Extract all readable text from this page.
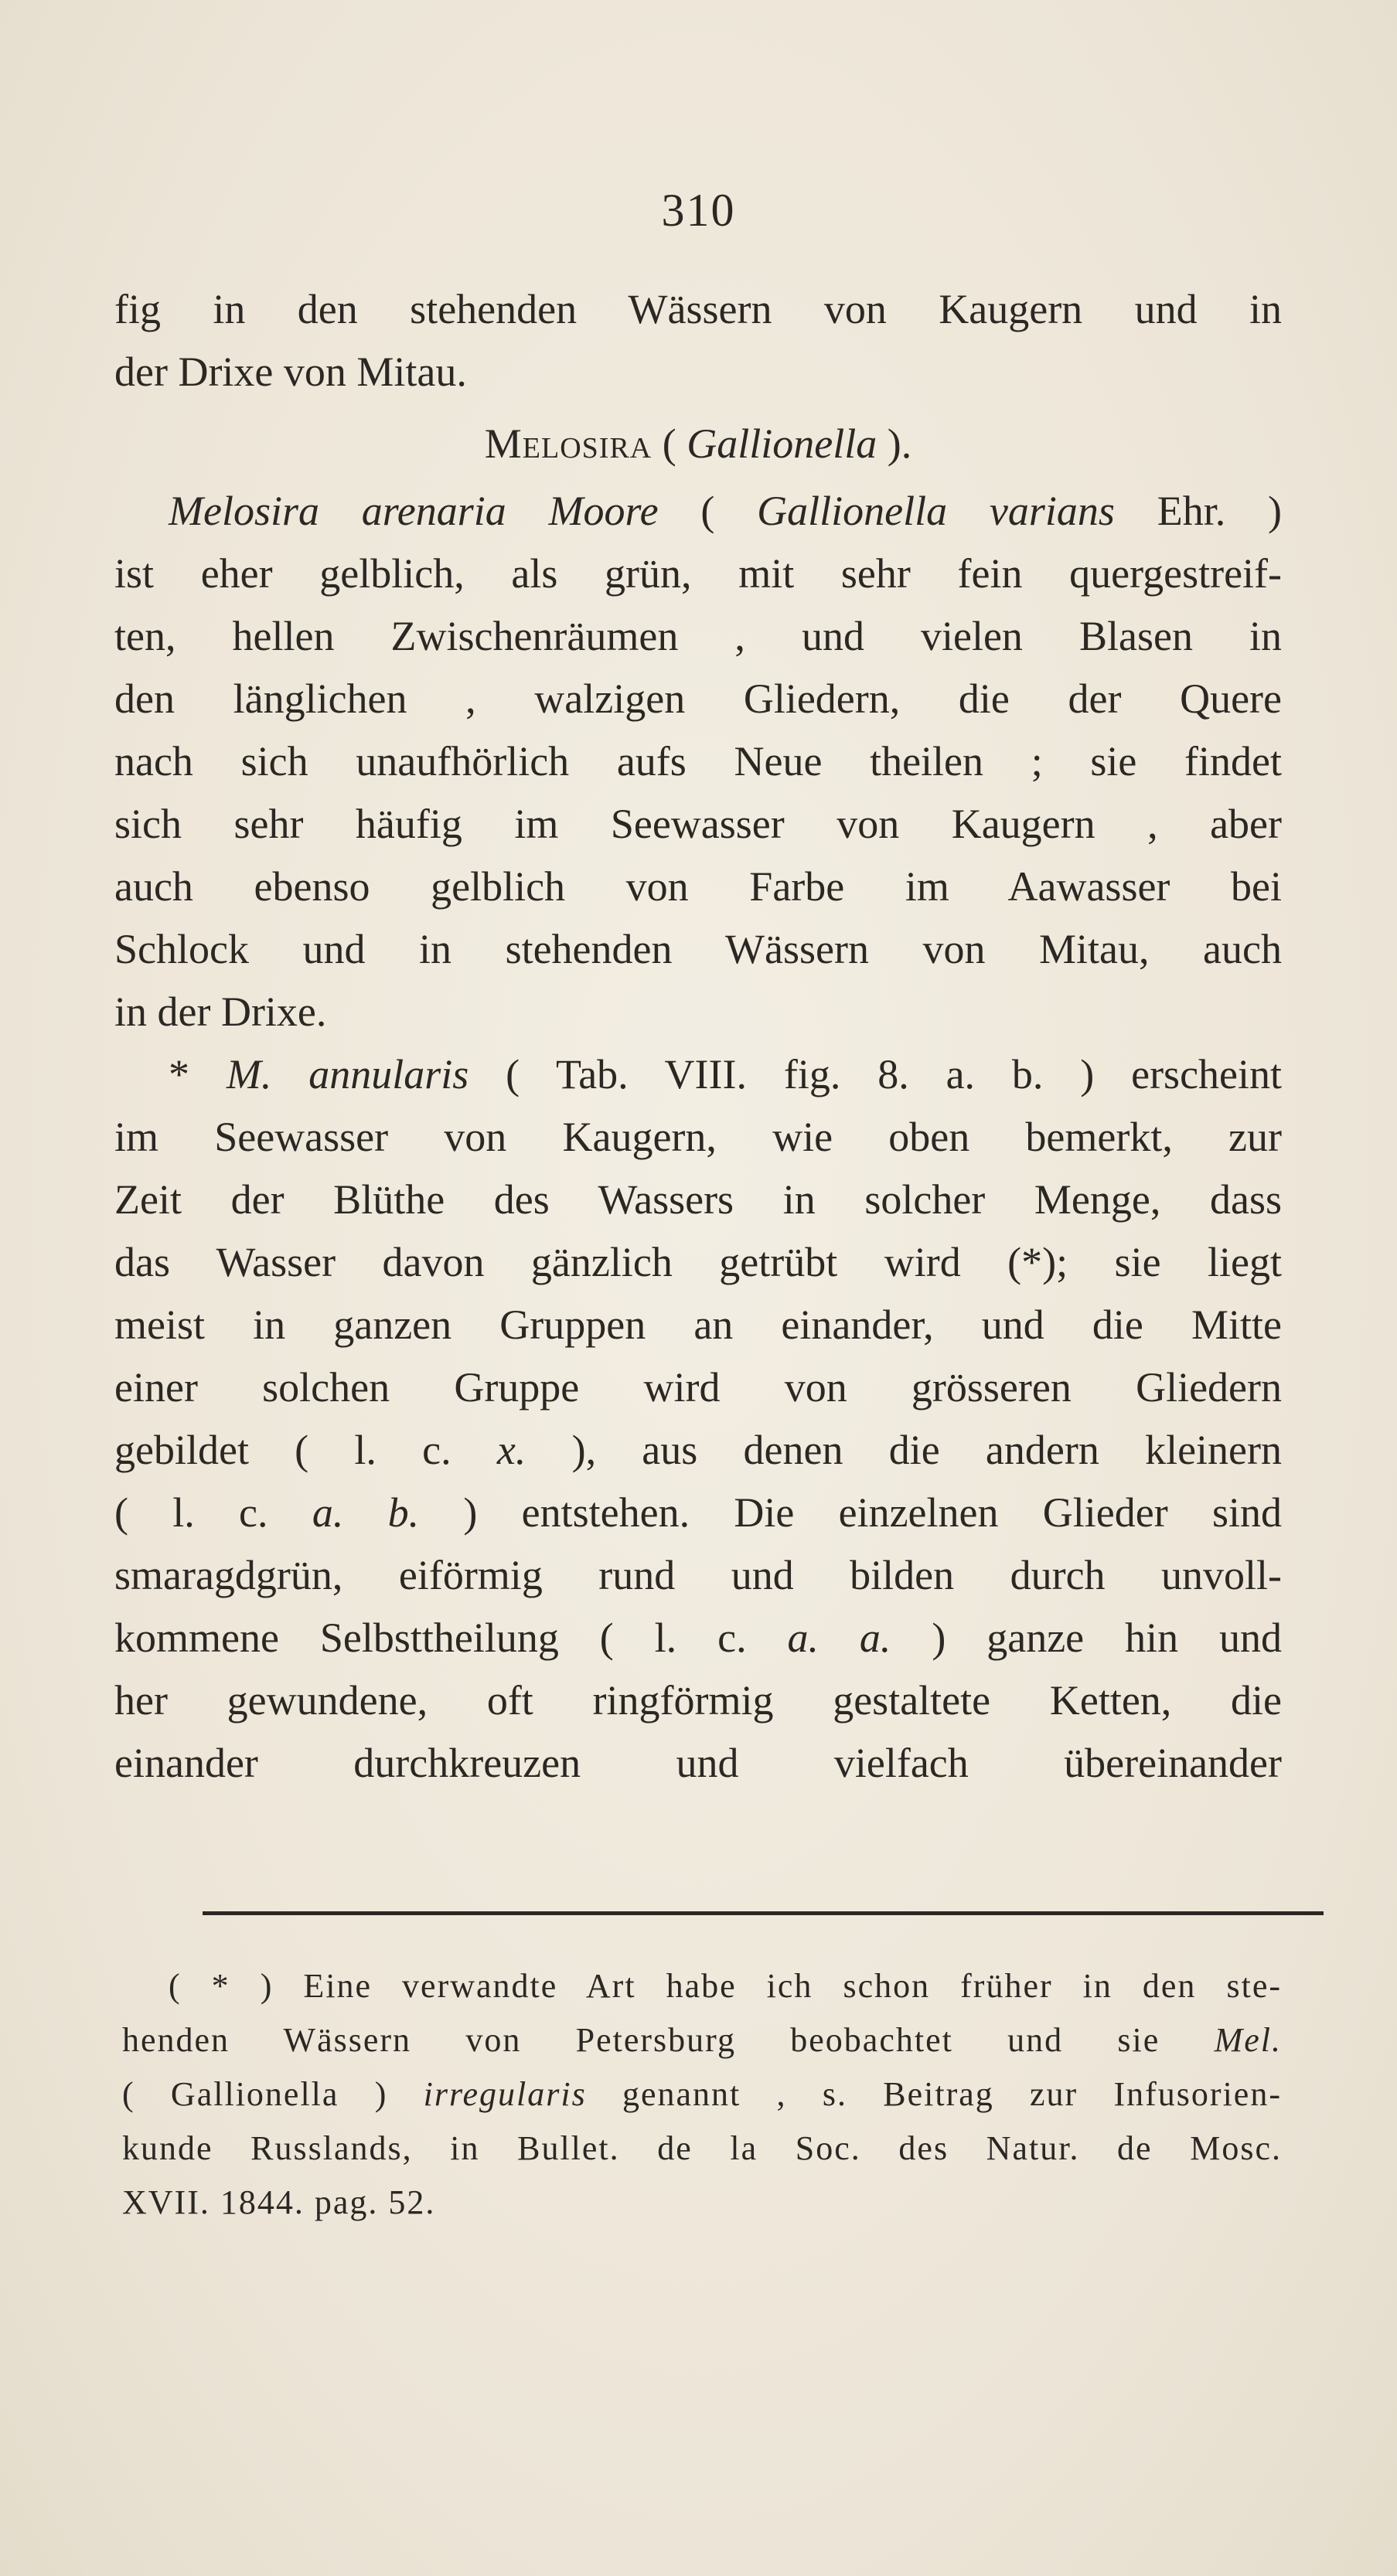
310
fig in den stehenden Wässern von Kaugern und in
der Drixe von Mitau.
Melosira ( Gallionella ).
Melosira arenaria Moore ( Gallionella varians Ehr. )
ist eher gelblich, als grün, mit sehr fein quergestreif-
ten, hellen Zwischenräumen , und vielen Blasen in
den länglichen , walzigen Gliedern, die der Quere
nach sich unaufhörlich aufs Neue theilen ; sie findet
sich sehr häufig im Seewasser von Kaugern , aber
auch ebenso gelblich von Farbe im Aawasser bei
Schlock und in stehenden Wässern von Mitau, auch
in der Drixe.
* M. annularis ( Tab. VIII. fig. 8. a. b. ) erscheint
im Seewasser von Kaugern, wie oben bemerkt, zur
Zeit der Blüthe des Wassers in solcher Menge, dass
das Wasser davon gänzlich getrübt wird (*); sie liegt
meist in ganzen Gruppen an einander, und die Mitte
einer solchen Gruppe wird von grösseren Gliedern
gebildet ( l. c. x. ), aus denen die andern kleinern
( l. c. a. b. ) entstehen. Die einzelnen Glieder sind
smaragdgrün, eiförmig rund und bilden durch unvoll-
kommene Selbsttheilung ( l. c. a. a. ) ganze hin und
her gewundene, oft ringförmig gestaltete Ketten, die
einander durchkreuzen und vielfach übereinander
( * ) Eine verwandte Art habe ich schon früher in den ste-
henden Wässern von Petersburg beobachtet und sie Mel.
( Gallionella ) irregularis genannt , s. Beitrag zur Infusorien-
kunde Russlands, in Bullet. de la Soc. des Natur. de Mosc.
XVII. 1844. pag. 52.
